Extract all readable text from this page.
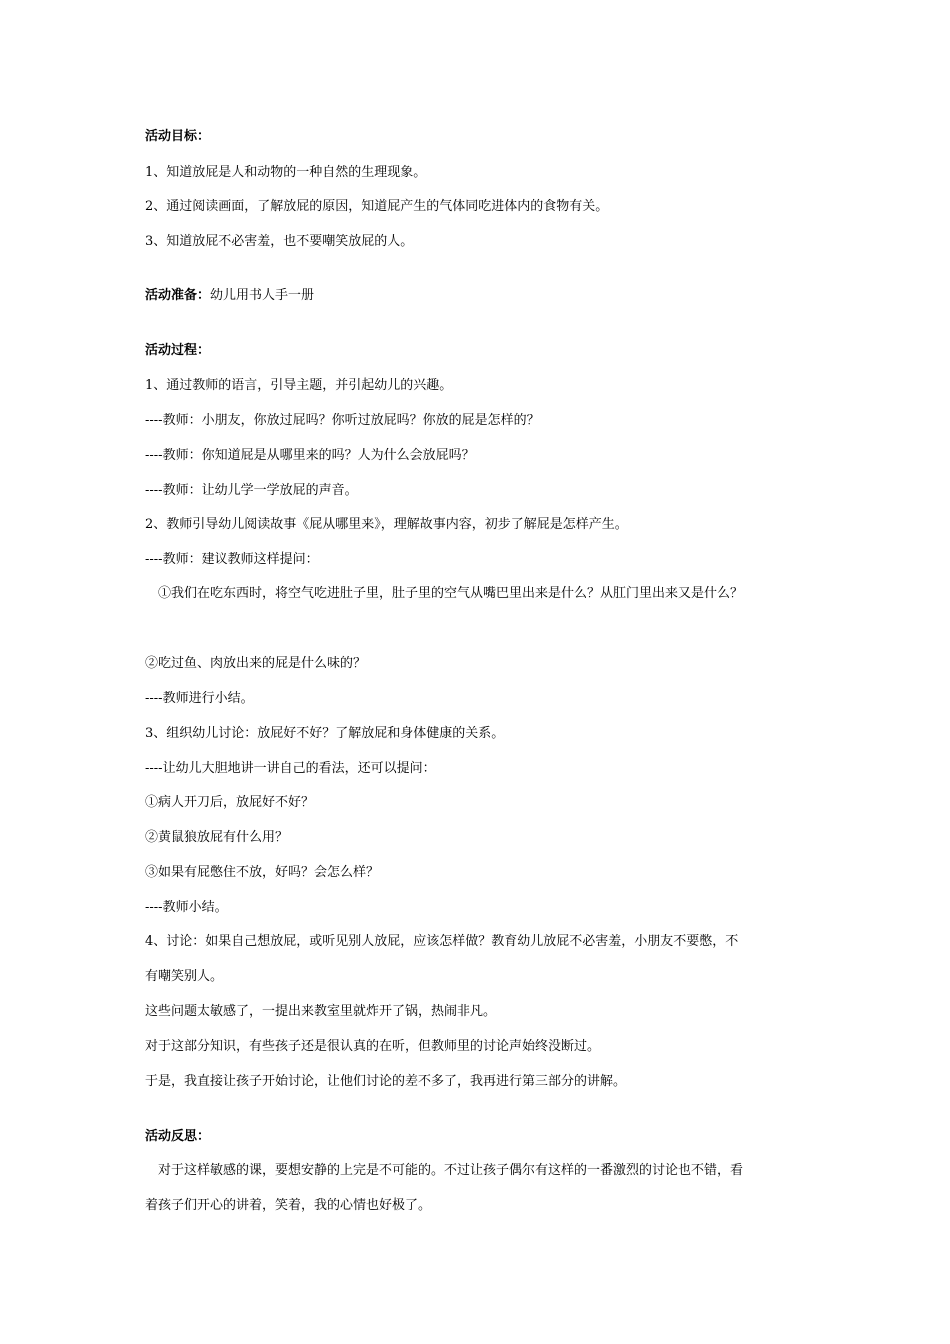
活动目标：
1、知道放屁是人和动物的一种自然的生理现象。
2、通过阅读画面，了解放屁的原因，知道屁产生的气体同吃进体内的食物有关。
3、知道放屁不必害羞，也不要嘲笑放屁的人。
活动准备：幼儿用书人手一册
活动过程：
1、通过教师的语言，引导主题，并引起幼儿的兴趣。
----教师：小朋友，你放过屁吗？你听过放屁吗？你放的屁是怎样的？
----教师：你知道屁是从哪里来的吗？人为什么会放屁吗？
----教师：让幼儿学一学放屁的声音。
2、教师引导幼儿阅读故事《屁从哪里来》，理解故事内容，初步了解屁是怎样产生。
----教师：建议教师这样提问：
　①我们在吃东西时，将空气吃进肚子里，肚子里的空气从嘴巴里出来是什么？从肛门里出来又是什么？
②吃过鱼、肉放出来的屁是什么味的？
----教师进行小结。
3、组织幼儿讨论：放屁好不好？了解放屁和身体健康的关系。
----让幼儿大胆地讲一讲自己的看法，还可以提问：
①病人开刀后，放屁好不好？
②黄鼠狼放屁有什么用？
③如果有屁憋住不放，好吗？会怎么样？
----教师小结。
4、讨论：如果自己想放屁，或听见别人放屁，应该怎样做？教育幼儿放屁不必害羞，小朋友不要憋，不
有嘲笑别人。
这些问题太敏感了，一提出来教室里就炸开了锅，热闹非凡。
对于这部分知识，有些孩子还是很认真的在听，但教师里的讨论声始终没断过。
于是，我直接让孩子开始讨论，让他们讨论的差不多了，我再进行第三部分的讲解。
活动反思：
　对于这样敏感的课，要想安静的上完是不可能的。不过让孩子偶尔有这样的一番激烈的讨论也不错，看
着孩子们开心的讲着，笑着，我的心情也好极了。
